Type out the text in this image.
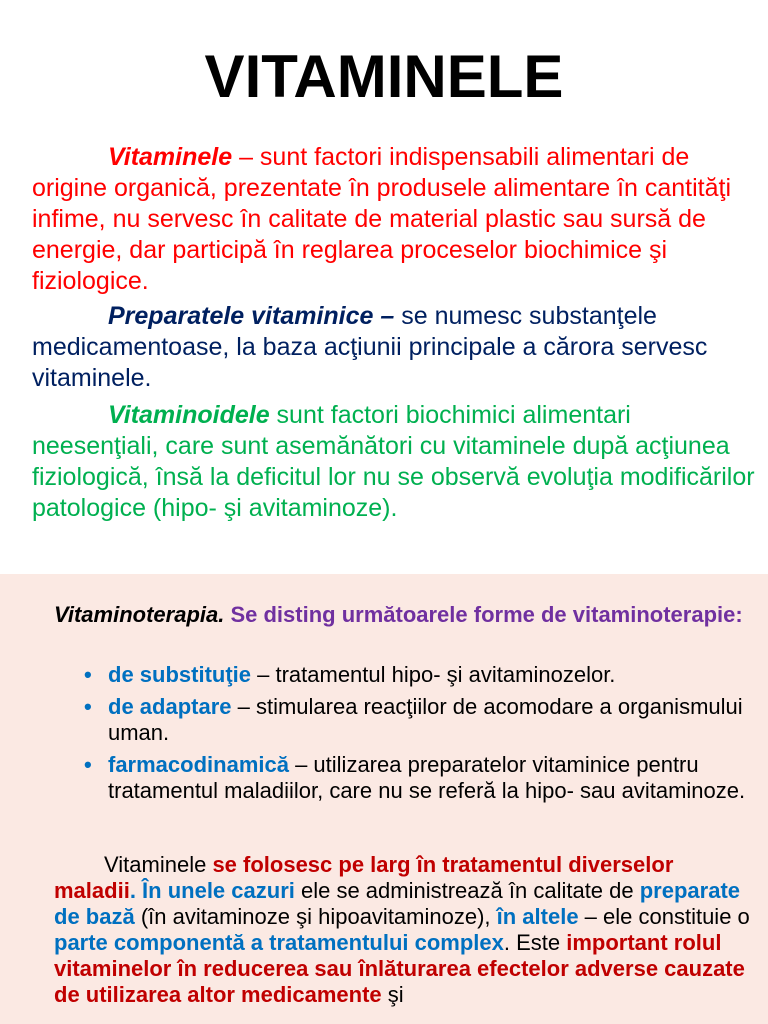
VITAMINELE

Vitaminele – sunt factori indispensabili alimentari de origine organică, prezentate în produsele alimentare în cantităţi infime, nu servesc în calitate de material plastic sau sursă de energie, dar participă în reglarea proceselor biochimice şi fiziologice.

Preparatele vitaminice – se numesc substanţele medicamentoase, la baza acţiunii principale a cărora servesc vitaminele.

Vitaminoidele sunt factori biochimici alimentari neesenţiali, care sunt asemănători cu vitaminele după acţiunea fiziologică, însă la deficitul lor nu se observă evoluţia modificărilor patologice (hipo- şi avitaminoze).

Vitaminoterapia. Se disting următoarele forme de vitaminoterapie:

• de substituţie – tratamentul hipo- şi avitaminozelor.
• de adaptare – stimularea reacţiilor de acomodare a organismului uman.
• farmacodinamică – utilizarea preparatelor vitaminice pentru tratamentul maladiilor, care nu se referă la hipo- sau avitaminoze.

Vitaminele se folosesc pe larg în tratamentul diverselor maladii. În unele cazuri ele se administrează în calitate de preparate de bază (în avitaminoze şi hipoavitaminoze), în altele – ele constituie o parte componentă a tratamentului complex. Este important rolul vitaminelor în reducerea sau înlăturarea efectelor adverse cauzate de utilizarea altor medicamente şi
